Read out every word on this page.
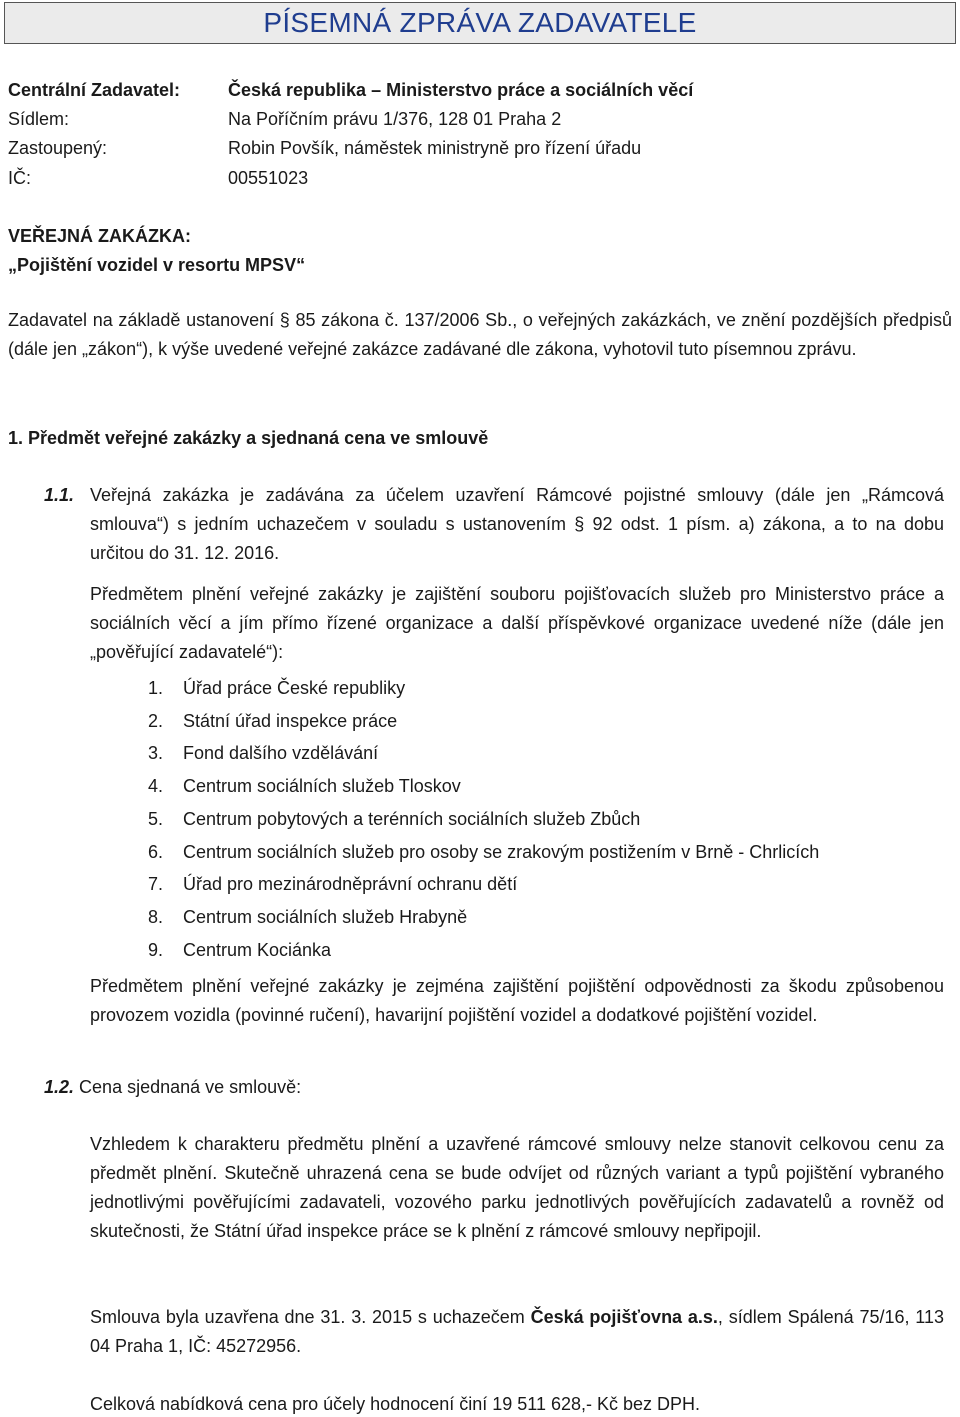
PÍSEMNÁ ZPRÁVA ZADAVATELE
Centrální Zadavatel:	Česká republika – Ministerstvo práce a sociálních věcí
Sídlem:	Na Poříčním právu 1/376, 128 01 Praha 2
Zastoupený:	Robin Povšík, náměstek ministryně pro řízení úřadu
IČ:	00551023
VEŘEJNÁ ZAKÁZKA:
„Pojištění vozidel v resortu MPSV“

Zadavatel na základě ustanovení § 85 zákona č. 137/2006 Sb., o veřejných zakázkách, ve znění pozdějších předpisů (dále jen „zákon“), k výše uvedené veřejné zakázce zadávané dle zákona, vyhotovil tuto písemnou zprávu.

1. Předmět veřejné zakázky a sjednaná cena ve smlouvě
1.1. Veřejná zakázka je zadávána za účelem uzavření Rámcové pojistné smlouvy (dále jen „Rámcová smlouva“) s jedním uchazečem v souladu s ustanovením § 92 odst. 1 písm. a) zákona, a to na dobu určitou do 31. 12. 2016.

Předmětem plnění veřejné zakázky je zajištění souboru pojišťovacích služeb pro Ministerstvo práce a sociálních věcí a jím přímo řízené organizace a další příspěvkové organizace uvedené níže (dále jen „pověřující zadavatelé“):

1. Úřad práce České republiky
2. Státní úřad inspekce práce
3. Fond dalšího vzdělávání
4. Centrum sociálních služeb Tloskov
5. Centrum pobytových a terénních sociálních služeb Zbůch
6. Centrum sociálních služeb pro osoby se zrakovým postižením v Brně - Chrlicích
7. Úřad pro mezinárodněprávní ochranu dětí
8. Centrum sociálních služeb Hrabyně
9. Centrum Kociánka

Předmětem plnění veřejné zakázky je zejména zajištění pojištění odpovědnosti za škodu způsobenou provozem vozidla (povinné ručení), havarijní pojištění vozidel a dodatkové pojištění vozidel.

1.2. Cena sjednaná ve smlouvě:

Vzhledem k charakteru předmětu plnění a uzavřené rámcové smlouvy nelze stanovit celkovou cenu za předmět plnění. Skutečně uhrazená cena se bude odvíjet od různých variant a typů pojištění vybraného jednotlivými pověřujícími zadavateli, vozového parku jednotlivých pověřujících zadavatelů a rovněž od skutečnosti, že Státní úřad inspekce práce se k plnění z rámcové smlouvy nepřipojil.

Smlouva byla uzavřena dne 31. 3. 2015 s uchazečem Česká pojišťovna a.s., sídlem Spálená 75/16, 113 04 Praha 1, IČ: 45272956.

Celková nabídková cena pro účely hodnocení činí 19 511 628,- Kč bez DPH.
